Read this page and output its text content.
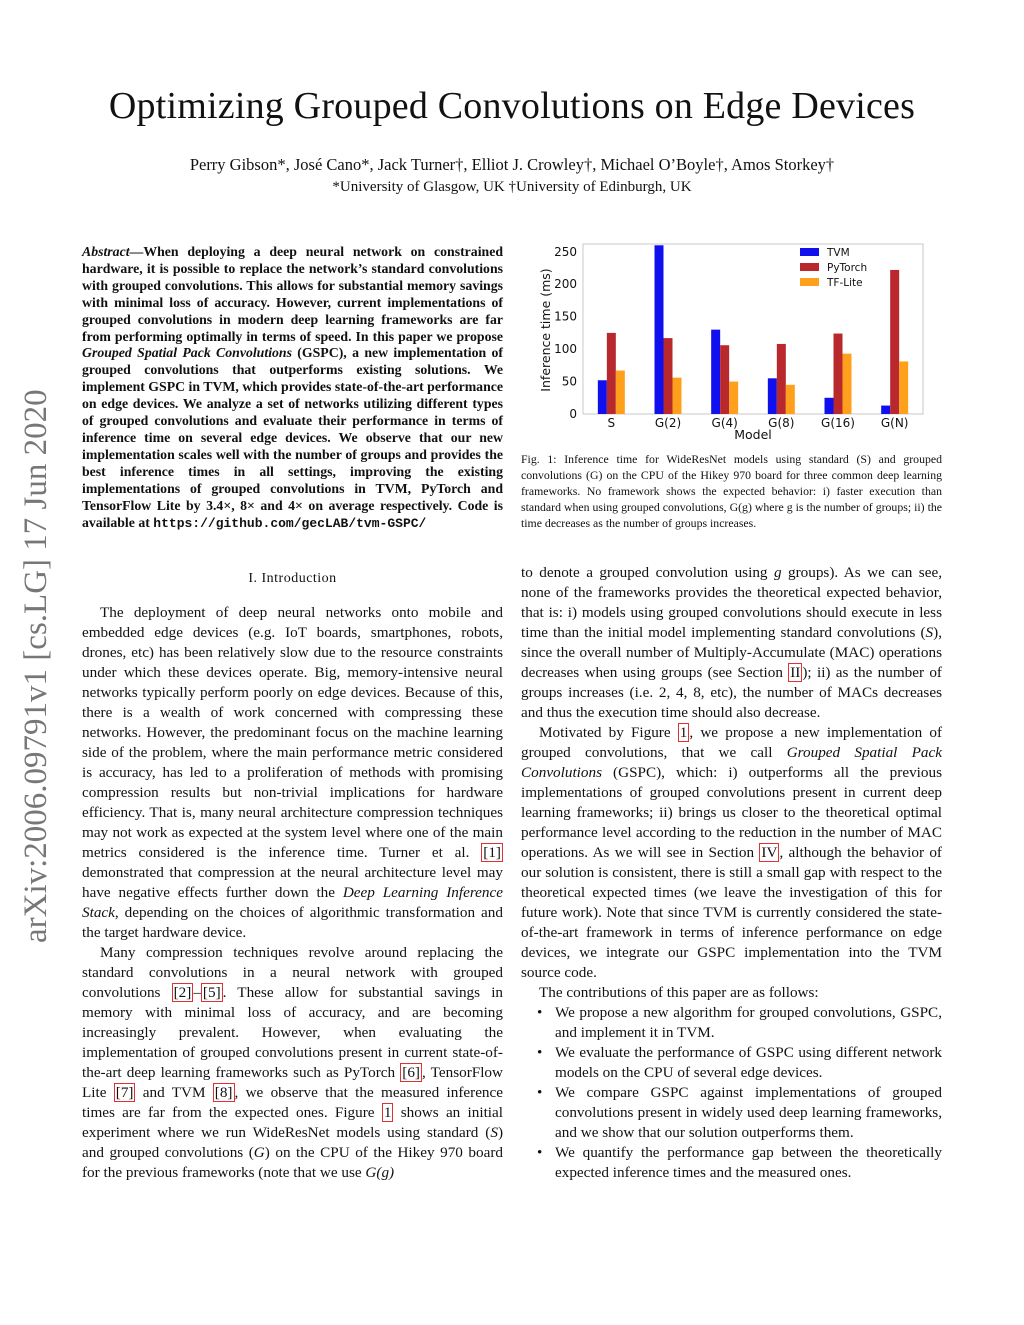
Optimizing Grouped Convolutions on Edge Devices
Perry Gibson*, José Cano*, Jack Turner†, Elliot J. Crowley†, Michael O’Boyle†, Amos Storkey†
*University of Glasgow, UK †University of Edinburgh, UK
arXiv:2006.09791v1 [cs.LG] 17 Jun 2020
Abstract—When deploying a deep neural network on constrained hardware, it is possible to replace the network’s standard convolutions with grouped convolutions. This allows for substantial memory savings with minimal loss of accuracy. However, current implementations of grouped convolutions in modern deep learning frameworks are far from performing optimally in terms of speed. In this paper we propose Grouped Spatial Pack Convolutions (GSPC), a new implementation of grouped convolutions that outperforms existing solutions. We implement GSPC in TVM, which provides state-of-the-art performance on edge devices. We analyze a set of networks utilizing different types of grouped convolutions and evaluate their performance in terms of inference time on several edge devices. We observe that our new implementation scales well with the number of groups and provides the best inference times in all settings, improving the existing implementations of grouped convolutions in TVM, PyTorch and TensorFlow Lite by 3.4×, 8× and 4× on average respectively. Code is available at https://github.com/gecLAB/tvm-GSPC/
I. Introduction

The deployment of deep neural networks onto mobile and embedded edge devices (e.g. IoT boards, smartphones, robots, drones, etc) has been relatively slow due to the resource constraints under which these devices operate. Big, memory-intensive neural networks typically perform poorly on edge devices. Because of this, there is a wealth of work concerned with compressing these networks. However, the predominant focus on the machine learning side of the problem, where the main performance metric considered is accuracy, has led to a proliferation of methods with promising compression results but non-trivial implications for hardware efficiency. That is, many neural architecture compression techniques may not work as expected at the system level where one of the main metrics considered is the inference time. Turner et al. [1] demonstrated that compression at the neural architecture level may have negative effects further down the Deep Learning Inference Stack, depending on the choices of algorithmic transformation and the target hardware device.

Many compression techniques revolve around replacing the standard convolutions in a neural network with grouped convolutions [2] – [5] . These allow for substantial savings in memory with minimal loss of accuracy, and are becoming increasingly prevalent. However, when evaluating the implementation of grouped convolutions present in current state-of-the-art deep learning frameworks such as PyTorch [6] , TensorFlow Lite [7] and TVM [8] , we observe that the measured inference times are far from the expected ones. Figure 1 shows an initial experiment where we run WideResNet models using standard (S) and grouped convolutions (G) on the CPU of the Hikey 970 board for the previous frameworks (note that we use G(g)

0
50
100
150
200
250
S	G(2)	G(4)	G(8) G(16) G(N)
Inference time (ms)
Model
TVM
PyTorch
TF-Lite
Fig. 1: Inference time for WideResNet models using standard (S) and grouped convolutions (G) on the CPU of the Hikey 970 board for three common deep learning frameworks. No framework shows the expected behavior: i) faster execution than standard when using grouped convolutions, G(g) where g is the number of groups; ii) the time decreases as the number of groups increases.

to denote a grouped convolution using g groups). As we can see, none of the frameworks provides the theoretical expected behavior, that is: i) models using grouped convolutions should execute in less time than the initial model implementing standard convolutions (S), since the overall number of Multiply-Accumulate (MAC) operations decreases when using groups (see Section II ); ii) as the number of groups increases (i.e. 2, 4, 8, etc), the number of MACs decreases and thus the execution time should also decrease.

Motivated by Figure 1 , we propose a new implementation of grouped convolutions, that we call Grouped Spatial Pack Convolutions (GSPC), which: i) outperforms all the previous implementations of grouped convolutions present in current deep learning frameworks; ii) brings us closer to the theoretical optimal performance level according to the reduction in the number of MAC operations. As we will see in Section IV , although the behavior of our solution is consistent, there is still a small gap with respect to the theoretical expected times (we leave the investigation of this for future work). Note that since TVM is currently considered the state-of-the-art framework in terms of inference performance on edge devices, we integrate our GSPC implementation into the TVM source code.

The contributions of this paper are as follows:

• We propose a new algorithm for grouped convolutions, GSPC, and implement it in TVM.
• We evaluate the performance of GSPC using different network models on the CPU of several edge devices.
• We compare GSPC against implementations of grouped convolutions present in widely used deep learning frameworks, and we show that our solution outperforms them.
• We quantify the performance gap between the theoretically expected inference times and the measured ones.
